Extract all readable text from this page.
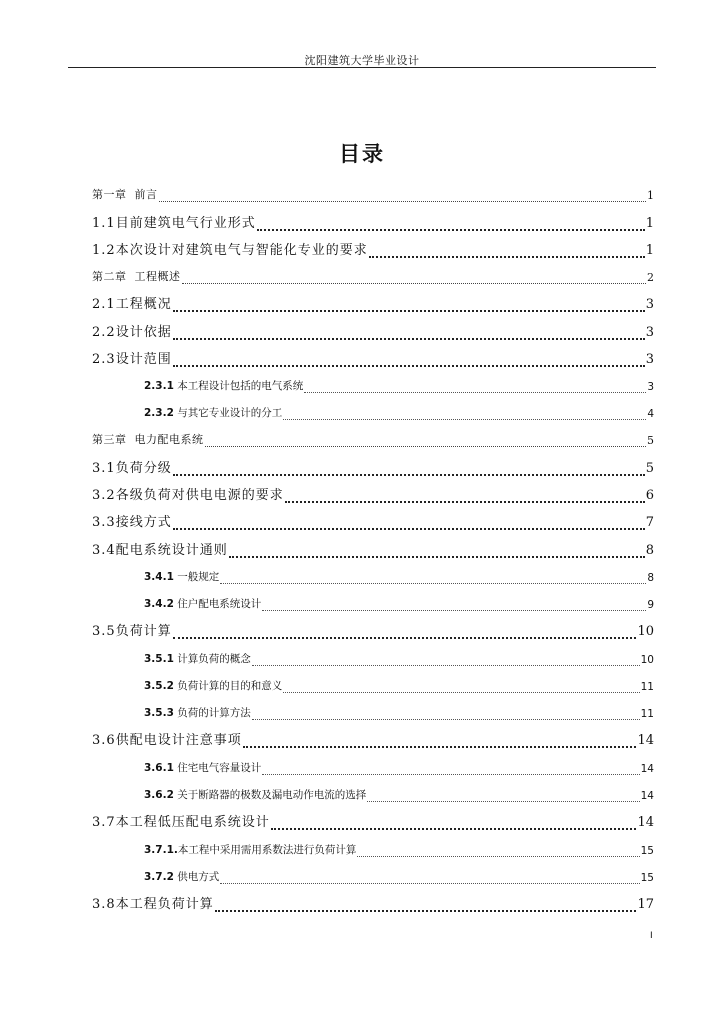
沈阳建筑大学毕业设计
目录
第一章 前言	1
1.1目前建筑电气行业形式	1
1.2本次设计对建筑电气与智能化专业的要求	1
第二章 工程概述	2
2.1工程概况	3
2.2设计依据	3
2.3设计范围	3
2.3.1 本工程设计包括的电气系统	3
2.3.2 与其它专业设计的分工	4
第三章 电力配电系统	5
3.1负荷分级	5
3.2各级负荷对供电电源的要求	6
3.3接线方式	7
3.4配电系统设计通则	8
3.4.1 一般规定	8
3.4.2 住户配电系统设计	9
3.5负荷计算	10
3.5.1 计算负荷的概念	10
3.5.2 负荷计算的目的和意义	11
3.5.3 负荷的计算方法	11
3.6供配电设计注意事项	14
3.6.1 住宅电气容量设计	14
3.6.2 关于断路器的极数及漏电动作电流的选择	14
3.7本工程低压配电系统设计	14
3.7.1.本工程中采用需用系数法进行负荷计算	15
3.7.2 供电方式	15
3.8本工程负荷计算	17
I
